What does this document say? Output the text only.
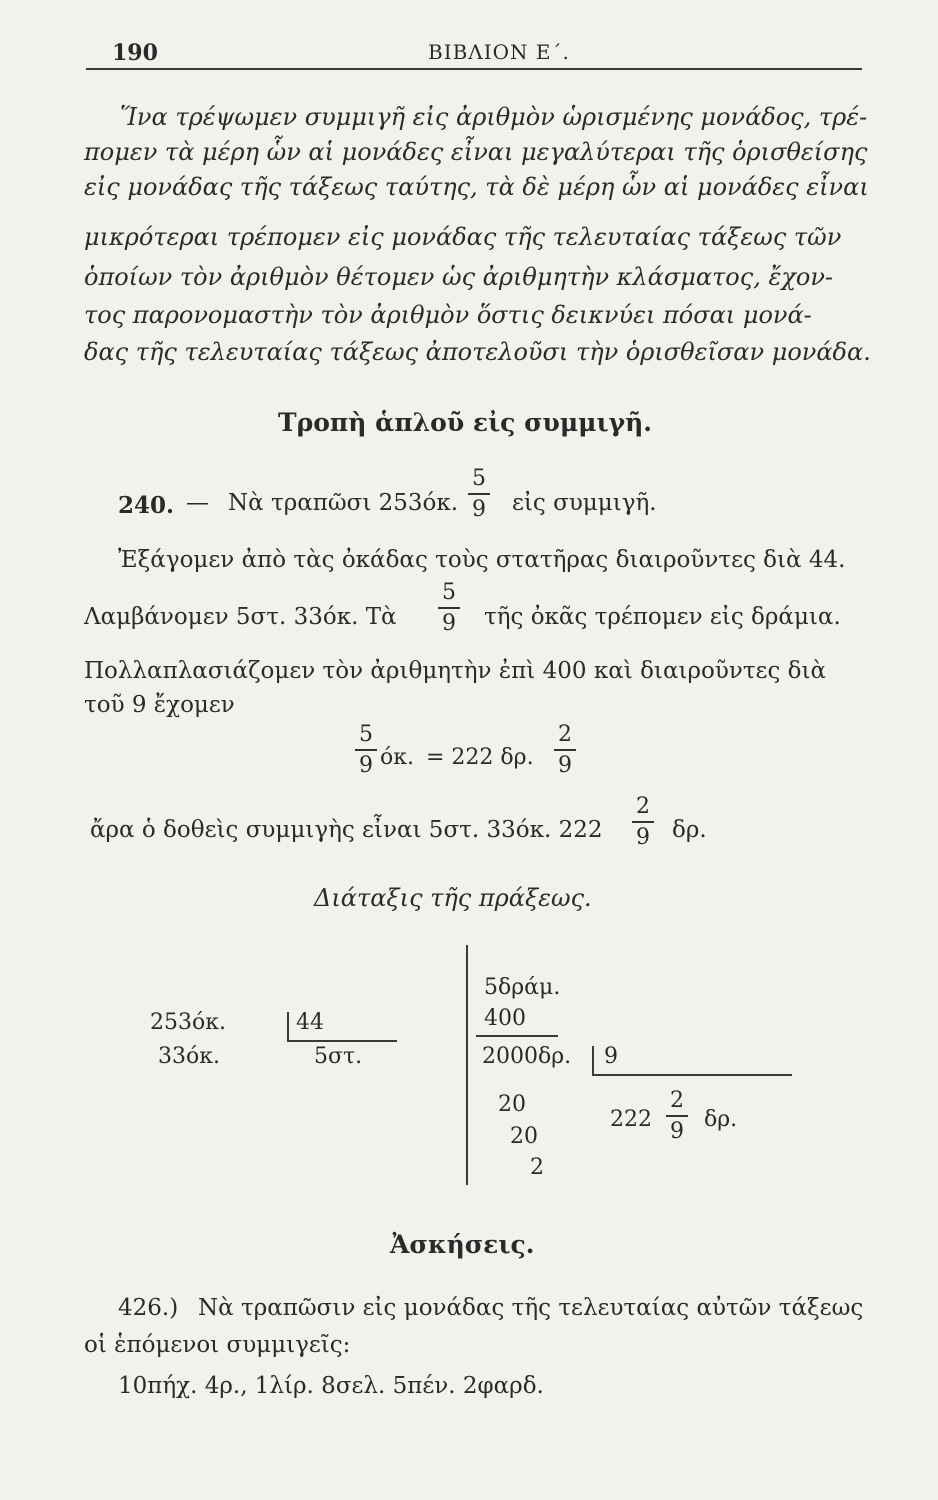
190	ΒΙΒΛΙΟΝ Ε΄.
Ἵνα τρέψωμεν συμμιγῆ εἰς ἀριθμὸν ὡρισμένης μονάδος, τρέ-
πομεν τὰ μέρη ὧν αἱ μονάδες εἶναι μεγαλύτεραι τῆς ὁρισθείσης
εἰς μονάδας τῆς τάξεως ταύτης, τὰ δὲ μέρη ὧν αἱ μονάδες εἶναι
μικρότεραι τρέπομεν εἰς μονάδας τῆς τελευταίας τάξεως τῶν
ὁποίων τὸν ἀριθμὸν θέτομεν ὡς ἀριθμητὴν κλάσματος, ἔχον-
τος παρονομαστὴν τὸν ἀριθμὸν ὅστις δεικνύει πόσαι μονά-
δας τῆς τελευταίας τάξεως ἀποτελοῦσι τὴν ὁρισθεῖσαν μονάδα.
Τροπὴ ἁπλοῦ εἰς συμμιγῆ.
240. — Νὰ τραπῶσι 253όκ.
5
9 εἰς συμμιγῆ.
Ἐξάγομεν ἀπὸ τὰς ὀκάδας τοὺς στατῆρας διαιροῦντες διὰ 44.
Λαμβάνομεν 5στ. 33όκ. Τὰ
5
9 τῆς ὀκᾶς τρέπομεν εἰς δράμια.
Πολλαπλασιάζομεν τὸν ἀριθμητὴν ἐπὶ 400 καὶ διαιροῦντες διὰ
τοῦ 9 ἔχομεν
5
9 όκ. = 222 δρ.
2
9
ἄρα ὁ δοθεὶς συμμιγὴς εἶναι 5στ. 33όκ. 222
2
9 δρ.
Διάταξις τῆς πράξεως.
253όκ.
33όκ.
44
5στ.
5δράμ.
400
2000δρ. 9
20
20
2
222
2
9 δρ.
Ἀσκήσεις.
426.) Νὰ τραπῶσιν εἰς μονάδας τῆς τελευταίας αὐτῶν τάξεως
οἱ ἑπόμενοι συμμιγεῖς:
10πήχ. 4ρ., 1λίρ. 8σελ. 5πέν. 2φαρδ.
